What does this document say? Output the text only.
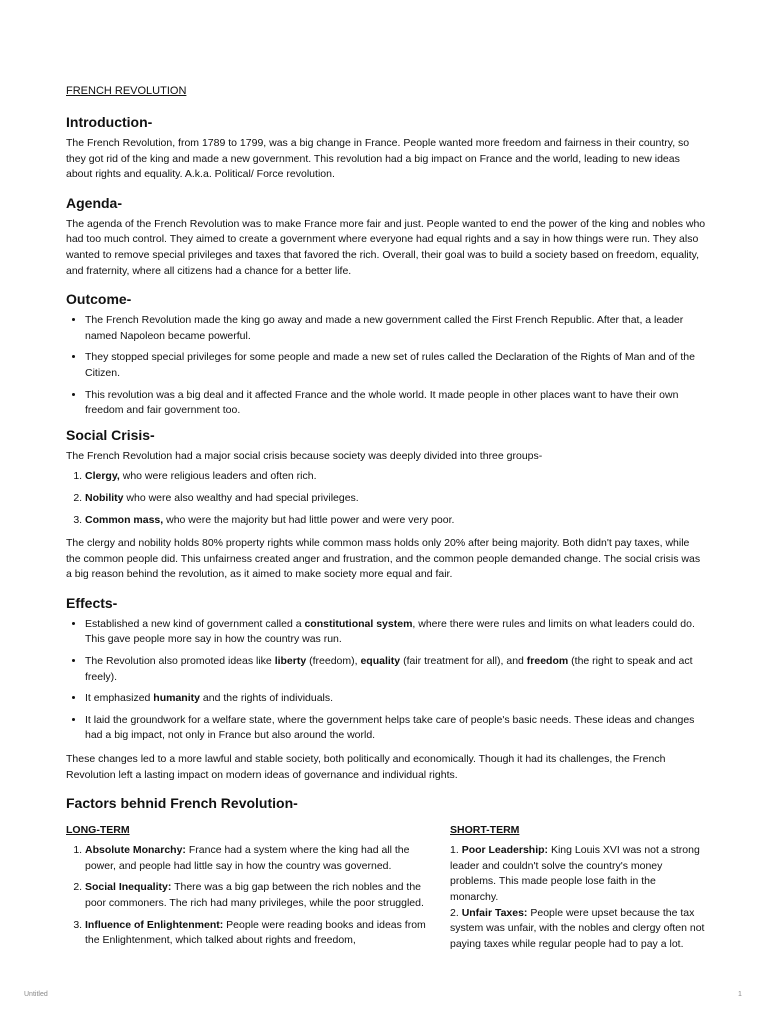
FRENCH REVOLUTION
Introduction-

The French Revolution, from 1789 to 1799, was a big change in France. People wanted more freedom and fairness in their country, so they got rid of the king and made a new government. This revolution had a big impact on France and the world, leading to new ideas about rights and equality. A.k.a. Political/ Force revolution.

Agenda-

The agenda of the French Revolution was to make France more fair and just. People wanted to end the power of the king and nobles who had too much control. They aimed to create a government where everyone had equal rights and a say in how things were run. They also wanted to remove special privileges and taxes that favored the rich. Overall, their goal was to build a society based on freedom, equality, and fraternity, where all citizens had a chance for a better life.

Outcome-
• The French Revolution made the king go away and made a new government called the First French Republic. After that, a leader named Napoleon became powerful.
• They stopped special privileges for some people and made a new set of rules called the Declaration of the Rights of Man and of the Citizen.
• This revolution was a big deal and it affected France and the whole world. It made people in other places want to have their own freedom and fair government too.
Social Crisis-

The French Revolution had a major social crisis because society was deeply divided into three groups-

1. Clergy, who were religious leaders and often rich.
2. Nobility who were also wealthy and had special privileges.
3. Common mass, who were the majority but had little power and were very poor.

The clergy and nobility holds 80% property rights while common mass holds only 20% after being majority. Both didn't pay taxes, while the common people did. This unfairness created anger and frustration, and the common people demanded change. The social crisis was a big reason behind the revolution, as it aimed to make society more equal and fair.

Effects-
• Established a new kind of government called a constitutional system, where there were rules and limits on what leaders could do. This gave people more say in how the country was run.
• The Revolution also promoted ideas like liberty (freedom), equality (fair treatment for all), and freedom (the right to speak and act freely).
• It emphasized humanity and the rights of individuals.
• It laid the groundwork for a welfare state, where the government helps take care of people's basic needs. These ideas and changes had a big impact, not only in France but also around the world.

These changes led to a more lawful and stable society, both politically and economically. Though it had its challenges, the French Revolution left a lasting impact on modern ideas of governance and individual rights.

Factors behnid French Revolution-
LONG-TERM
1. Absolute Monarchy: France had a system where the king had all the power, and people had little say in how the country was governed.
2. Social Inequality: There was a big gap between the rich nobles and the poor commoners. The rich had many privileges, while the poor struggled.
3. Influence of Enlightenment: People were reading books and ideas from the Enlightenment, which talked about rights and freedom,
SHORT-TERM

1. Poor Leadership: King Louis XVI was not a strong leader and couldn't solve the country's money problems. This made people lose faith in the monarchy.

2. Unfair Taxes: People were upset because the tax system was unfair, with the nobles and clergy often not paying taxes while regular people had to pay a lot.

Untitled	1
